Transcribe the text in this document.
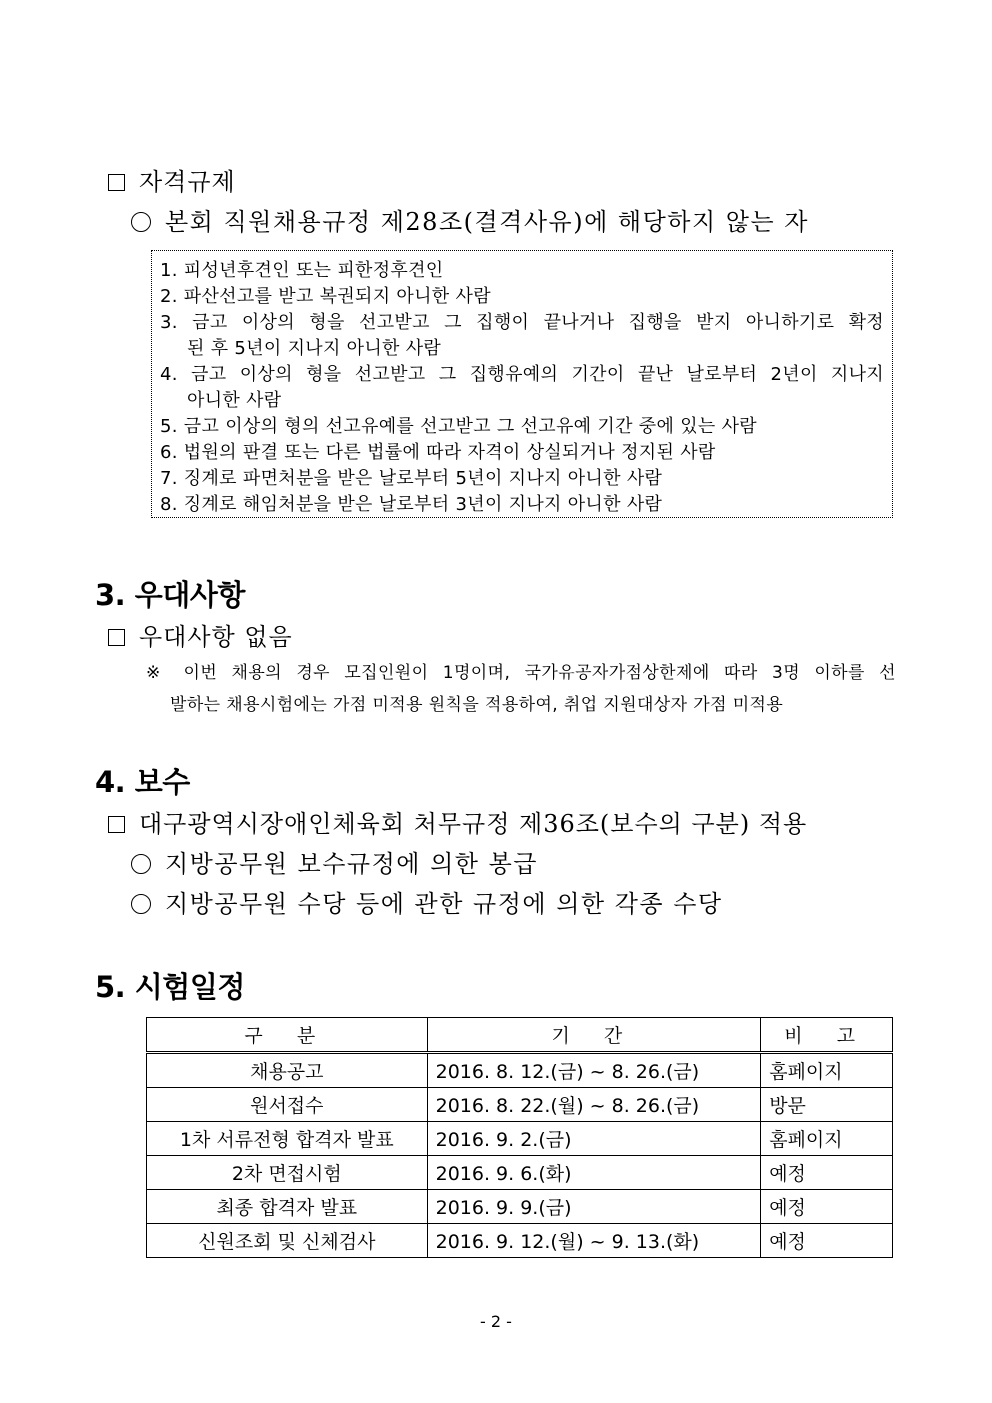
자격규제
본회 직원채용규정 제28조(결격사유)에 해당하지 않는 자
1. 피성년후견인 또는 피한정후견인
2. 파산선고를 받고 복권되지 아니한 사람
3. 금고 이상의 형을 선고받고 그 집행이 끝나거나 집행을 받지 아니하기로 확정
된 후 5년이 지나지 아니한 사람
4. 금고 이상의 형을 선고받고 그 집행유예의 기간이 끝난 날로부터 2년이 지나지
아니한 사람
5. 금고 이상의 형의 선고유예를 선고받고 그 선고유예 기간 중에 있는 사람
6. 법원의 판결 또는 다른 법률에 따라 자격이 상실되거나 정지된 사람
7. 징계로 파면처분을 받은 날로부터 5년이 지나지 아니한 사람
8. 징계로 해임처분을 받은 날로부터 3년이 지나지 아니한 사람
3. 우대사항
우대사항 없음
※ 이번 채용의 경우 모집인원이 1명이며, 국가유공자가점상한제에 따라 3명 이하를 선
발하는 채용시험에는 가점 미적용 원칙을 적용하여, 취업 지원대상자 가점 미적용
4. 보수
대구광역시장애인체육회 처무규정 제36조(보수의 구분) 적용
지방공무원 보수규정에 의한 봉급
지방공무원 수당 등에 관한 규정에 의한 각종 수당
5. 시험일정
구 분	기 간	비 고
채용공고	2016. 8. 12.(금) ~ 8. 26.(금)	홈페이지
원서접수	2016. 8. 22.(월) ~ 8. 26.(금)	방문
1차 서류전형 합격자 발표	2016. 9. 2.(금)	홈페이지
2차 면접시험	2016. 9. 6.(화)	예정
최종 합격자 발표	2016. 9. 9.(금)	예정
신원조회 및 신체검사	2016. 9. 12.(월) ~ 9. 13.(화)	예정
- 2 -
